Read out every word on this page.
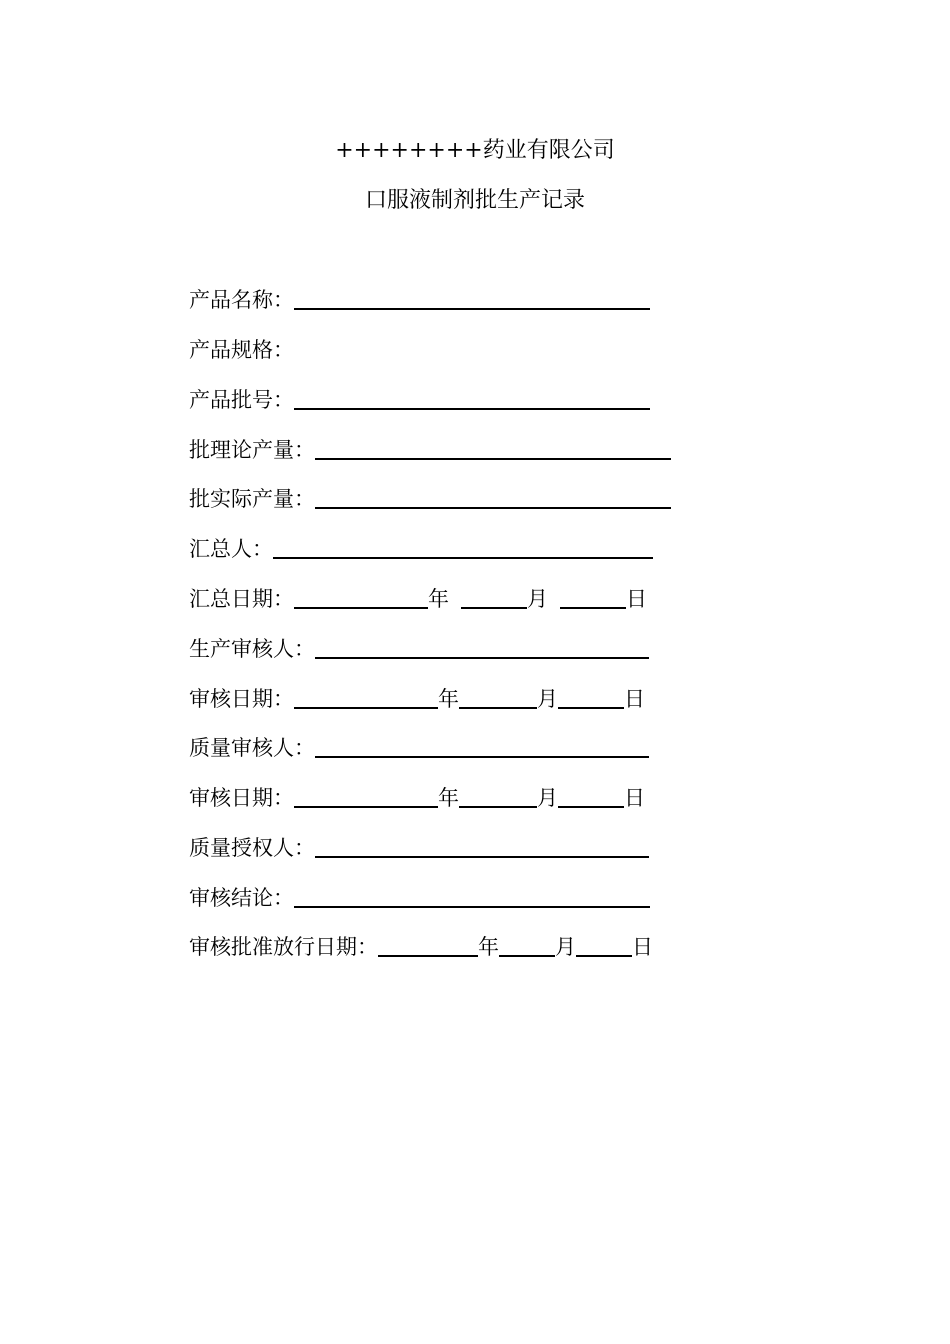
++++++++药业有限公司
口服液制剂批生产记录
产品名称：
产品规格：
产品批号：
批理论产量：
批实际产量：
汇总人：
汇总日期：	年	月	日
生产审核人：
审核日期：	年	月	日
质量审核人：
审核日期：	年	月	日
质量授权人：
审核结论：
审核批准放行日期：	年	月	日
